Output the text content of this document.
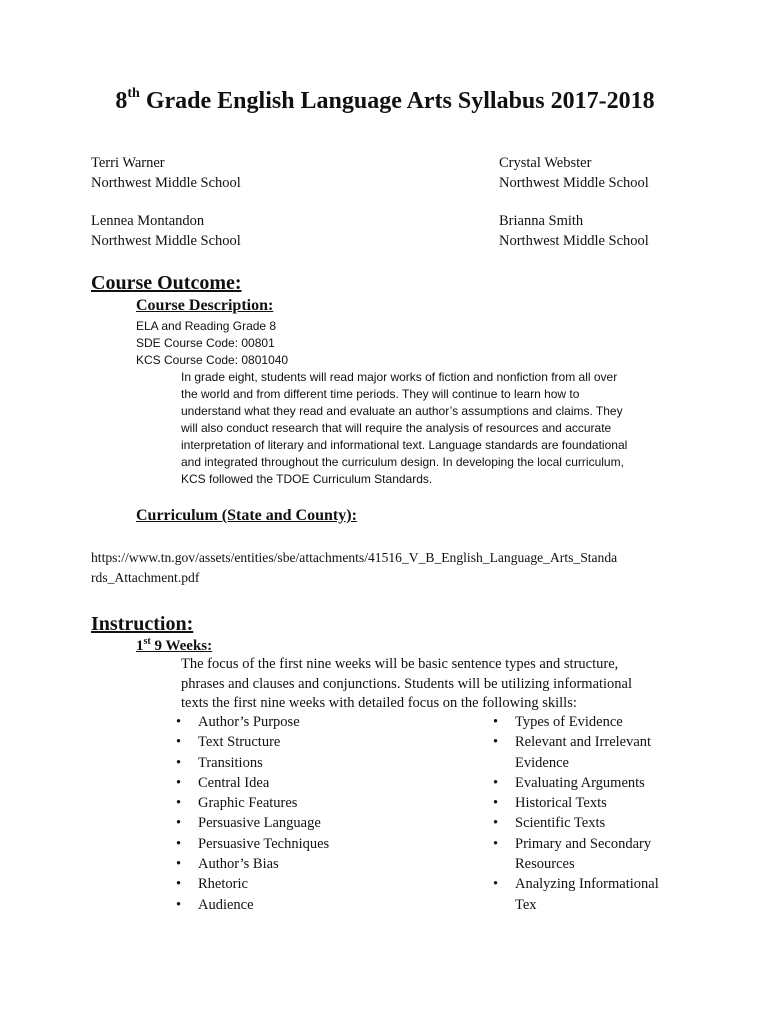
8th Grade English Language Arts Syllabus 2017-2018
Terri Warner
Northwest Middle School
Crystal Webster
Northwest Middle School
Lennea Montandon
Northwest Middle School
Brianna Smith
Northwest Middle School
Course Outcome:
Course Description:
ELA and Reading Grade 8
SDE Course Code: 00801
KCS Course Code: 0801040
In grade eight, students will read major works of fiction and nonfiction from all over
the world and from different time periods. They will continue to learn how to
understand what they read and evaluate an author’s assumptions and claims. They
will also conduct research that will require the analysis of resources and accurate
interpretation of literary and informational text. Language standards are foundational
and integrated throughout the curriculum design. In developing the local curriculum,
KCS followed the TDOE Curriculum Standards.
Curriculum (State and County):
https://www.tn.gov/assets/entities/sbe/attachments/41516_V_B_English_Language_Arts_Standa
rds_Attachment.pdf
Instruction:
1st 9 Weeks:
The focus of the first nine weeks will be basic sentence types and structure,
phrases and clauses and conjunctions. Students will be utilizing informational
texts the first nine weeks with detailed focus on the following skills:
• Author’s Purpose
• Text Structure
• Transitions
• Central Idea
• Graphic Features
• Persuasive Language
• Persuasive Techniques
• Author’s Bias
• Rhetoric
• Audience
• Types of Evidence
• Relevant and Irrelevant Evidence
• Evaluating Arguments
• Historical Texts
• Scientific Texts
• Primary and Secondary Resources
• Analyzing Informational Tex
